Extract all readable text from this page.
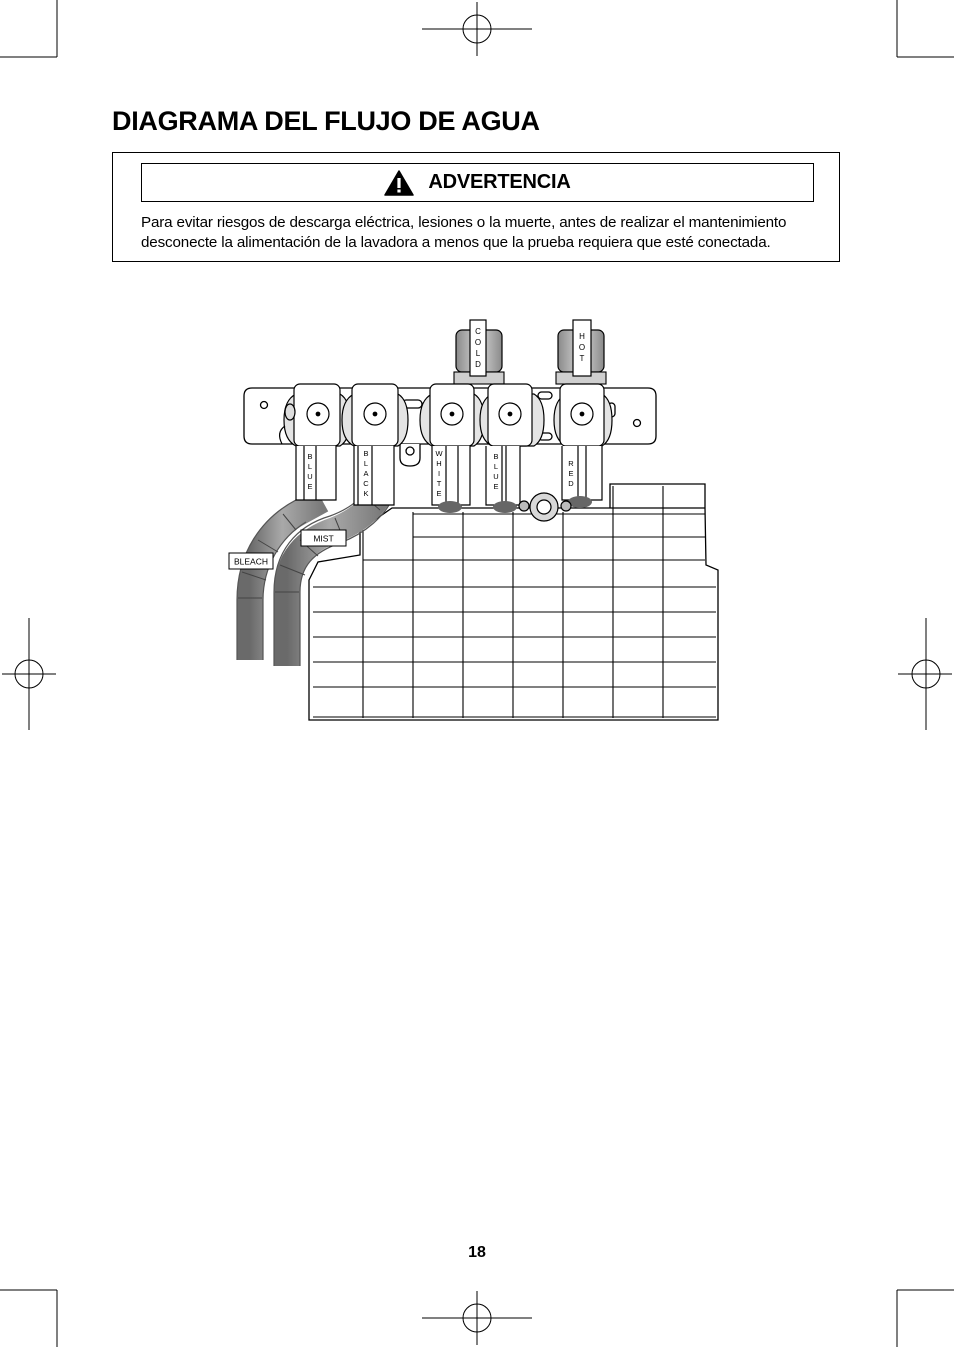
DIAGRAMA DEL FLUJO DE AGUA
ADVERTENCIA

Para evitar riesgos de descarga eléctrica, lesiones o la muerte, antes de realizar el mantenimiento desconecte la alimentación de la lavadora a menos que la prueba requiera que esté conectada.

C
O
L
D
H
O
T
B
L
U
E
B
L
A
C
K
W
H
I
T
E
B
L
U
E
R
E
D
MIST
BLEACH
18
